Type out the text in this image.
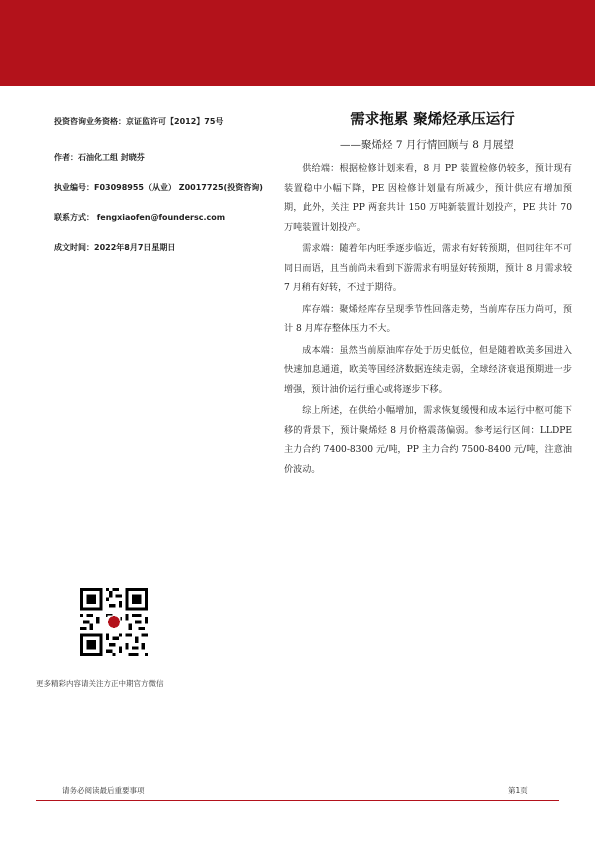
投资咨询业务资格：京证监许可【2012】75号
作者：石油化工组 封晓芬
执业编号：F03098955（从业） Z0017725(投资咨询)
联系方式： fengxiaofen@foundersc.com
成文时间：2022年8月7日星期日
需求拖累 聚烯烃承压运行
——聚烯烃 7 月行情回顾与 8 月展望

供给端：根据检修计划来看，8 月 PP 装置检修仍较多，预计现有装置稳中小幅下降，PE 因检修计划量有所减少，预计供应有增加预期，此外，关注 PP 两套共计 150 万吨新装置计划投产，PE 共计 70 万吨装置计划投产。

需求端：随着年内旺季逐步临近，需求有好转预期，但同往年不可同日而语，且当前尚未看到下游需求有明显好转预期，预计 8 月需求较 7 月稍有好转，不过于期待。

库存端：聚烯烃库存呈现季节性回落走势，当前库存压力尚可，预计 8 月库存整体压力不大。

成本端：虽然当前原油库存处于历史低位，但是随着欧美多国进入快速加息通道，欧美等国经济数据连续走弱，全球经济衰退预期进一步增强，预计油价运行重心或将逐步下移。

综上所述，在供给小幅增加，需求恢复缓慢和成本运行中枢可能下移的背景下，预计聚烯烃 8 月价格震荡偏弱。参考运行区间：LLDPE 主力合约 7400-8300 元/吨，PP 主力合约 7500-8400 元/吨，注意油价波动。

更多精彩内容请关注方正中期官方微信
请务必阅读最后重要事项	第1页
